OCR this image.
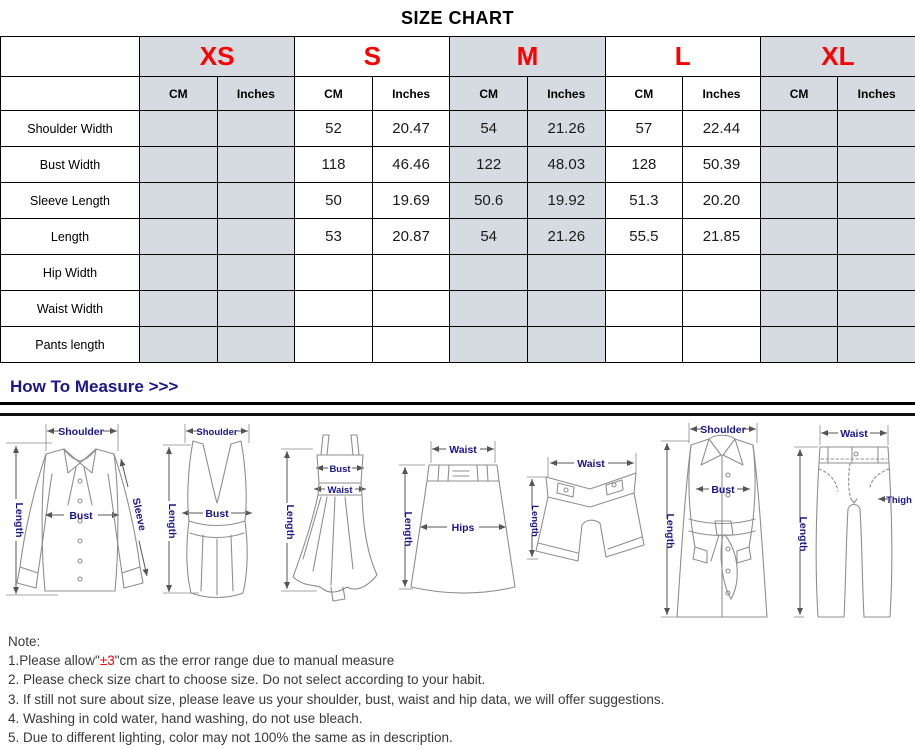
SIZE CHART
	XS		S		M		L		XL	
	CM	Inches	CM	Inches	CM	Inches	CM	Inches	CM	Inches
Shoulder Width			52	20.47	54	21.26	57	22.44		
Bust Width			118	46.46	122	48.03	128	50.39		
Sleeve Length			50	19.69	50.6	19.92	51.3	20.20		
Length			53	20.87	54	21.26	55.5	21.85		
Hip Width										
Waist Width										
Pants length										
How To Measure >>>
Shoulder
Bust
Length	Sleeve
Shoulder
Bust
Length
Bust
Waist
Length
Waist
Hips
Length
Waist
Length
Shoulder
Bust
Length
Waist
Thigh
Length
Note:
1.Please allow"±3"cm as the error range due to manual measure
2. Please check size chart to choose size. Do not select according to your habit.
3. If still not sure about size, please leave us your shoulder, bust, waist and hip data, we will offer suggestions.
4. Washing in cold water, hand washing, do not use bleach.
5. Due to different lighting, color may not 100% the same as in description.
